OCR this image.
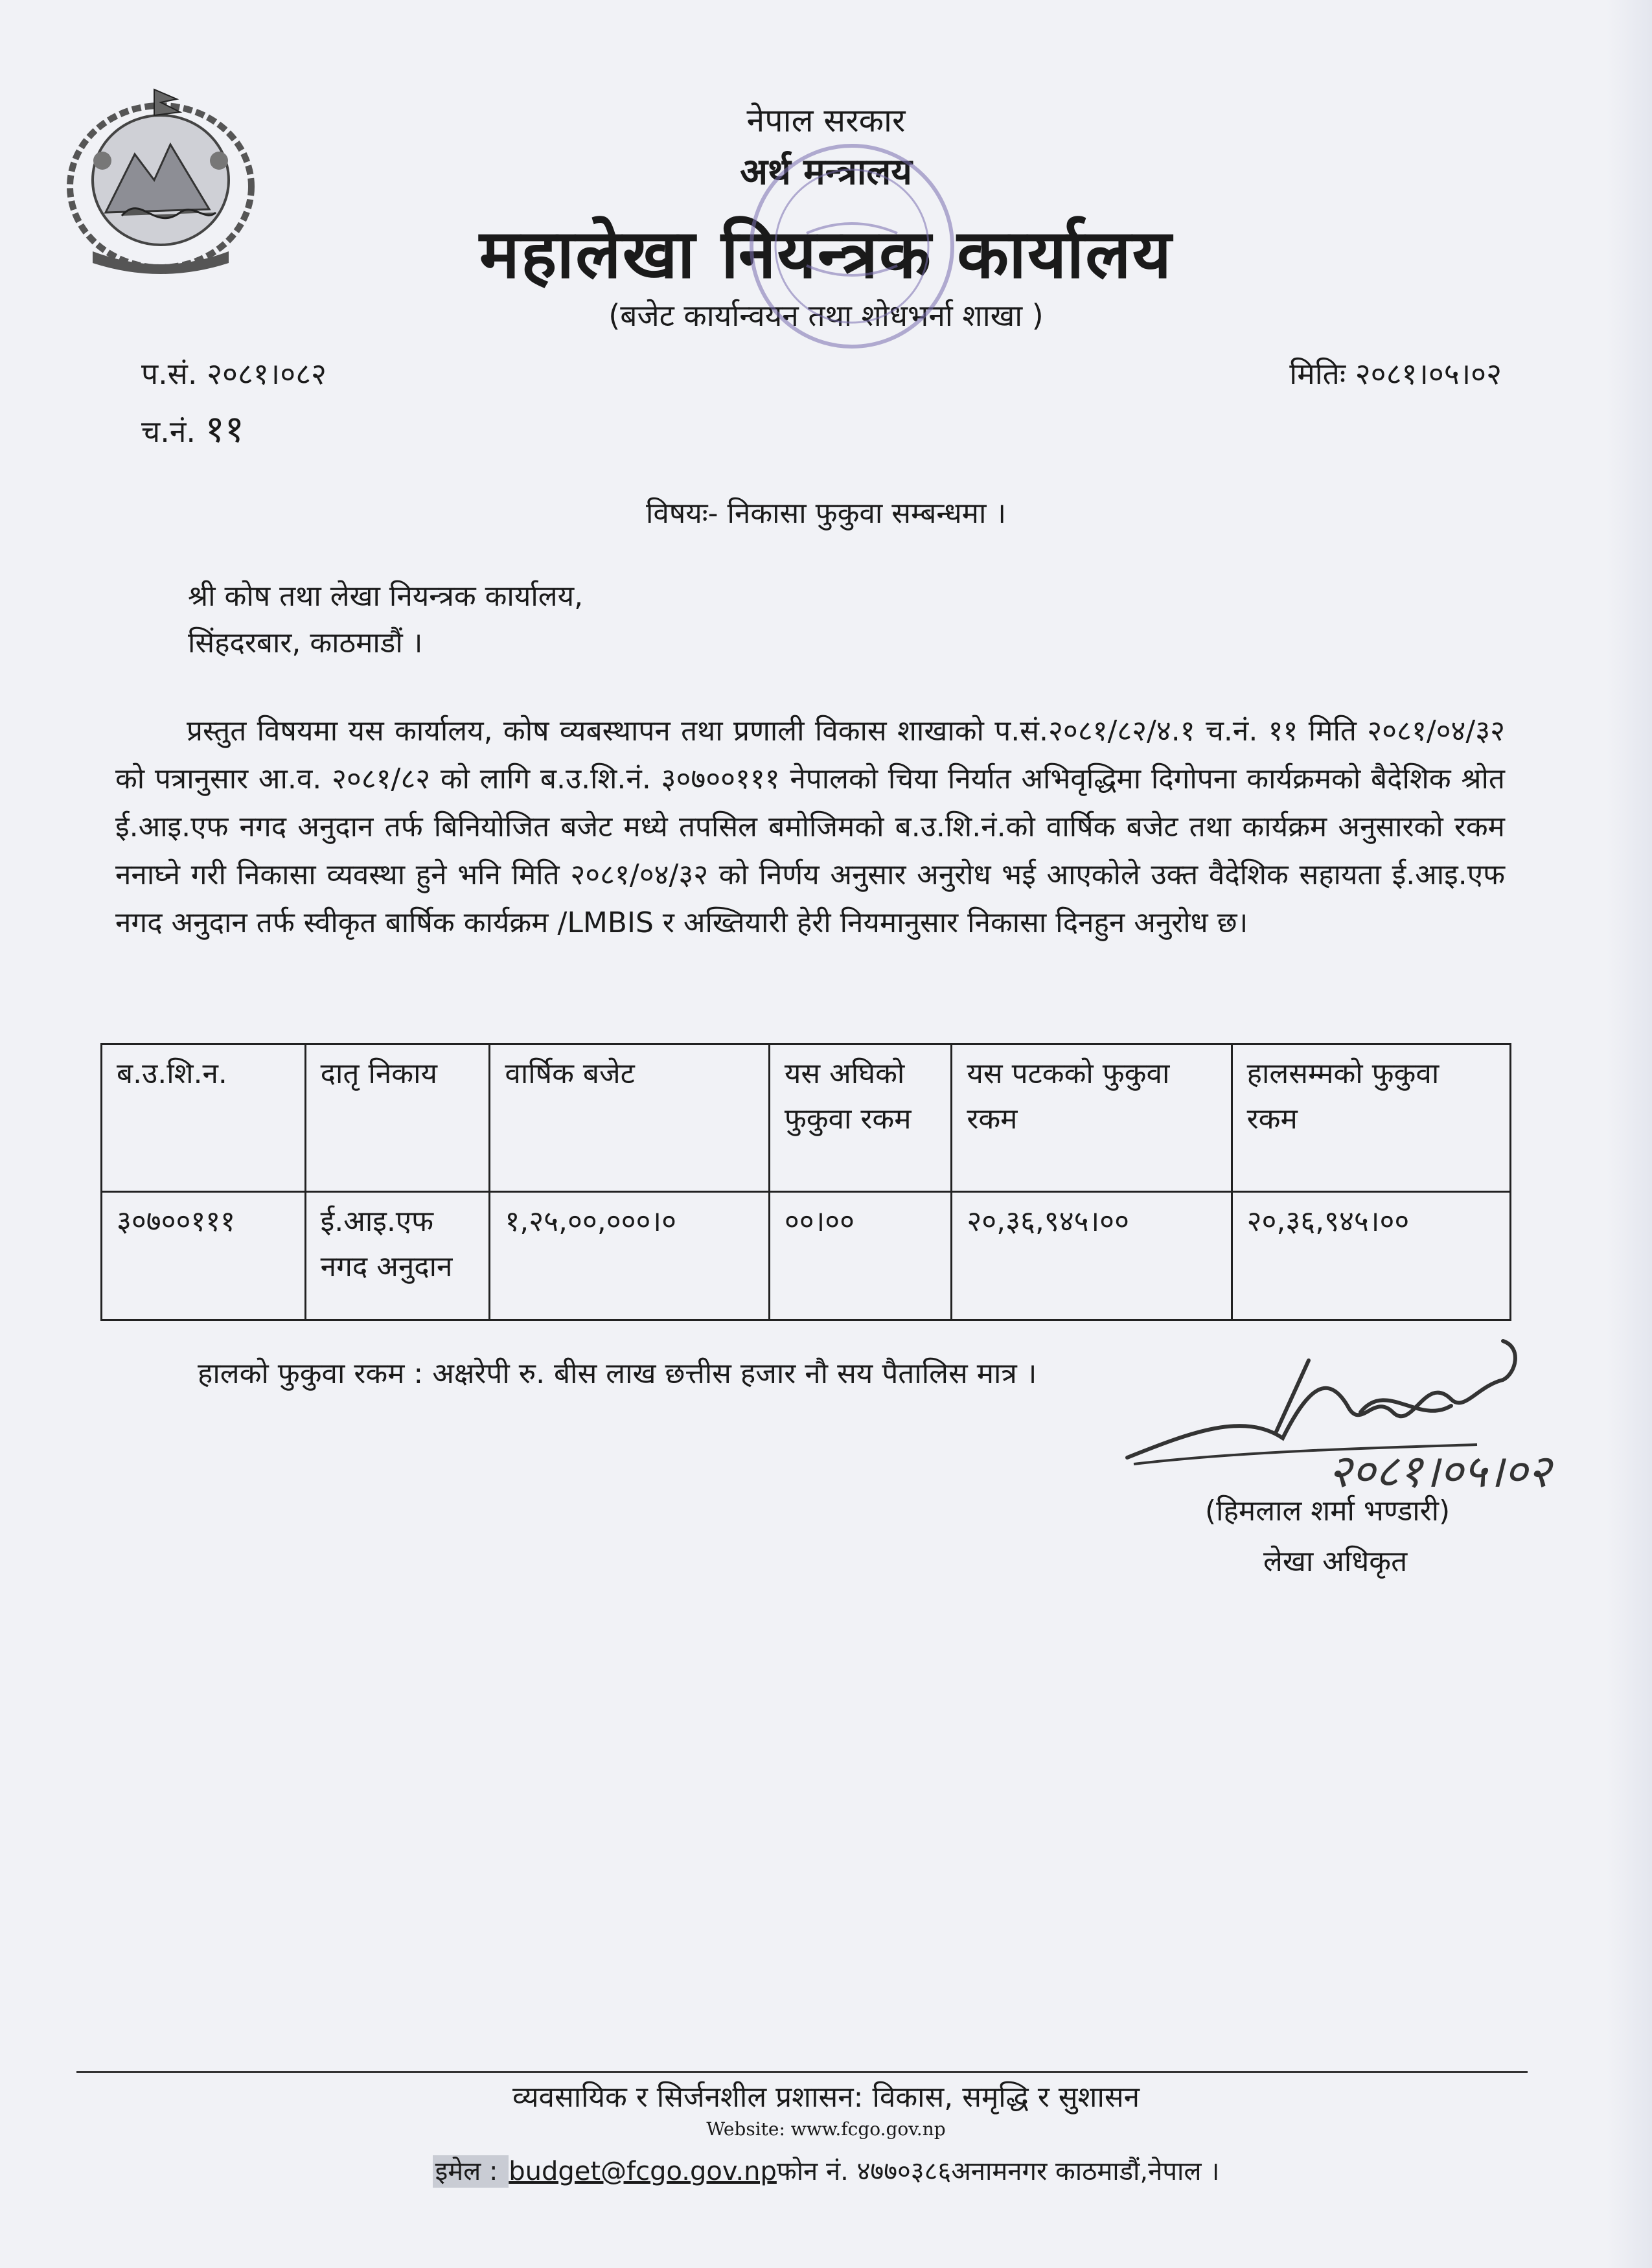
नेपाल सरकार
अर्थ मन्त्रालय
महालेखा नियन्त्रक कार्यालय
(बजेट कार्यान्वयन तथा शोधभर्ना शाखा )
प.सं. २०८१।०८२
च.नं. ११
मितिः २०८१।०५।०२
विषयः- निकासा फुकुवा सम्बन्धमा ।
श्री कोष तथा लेखा नियन्त्रक कार्यालय,
सिंहदरबार, काठमाडौं ।
प्रस्तुत विषयमा यस कार्यालय, कोष व्यबस्थापन तथा प्रणाली विकास शाखाको प.सं.२०८१/८२/४.१ च.नं. ११ मिति २०८१/०४/३२ को पत्रानुसार आ.व. २०८१/८२ को लागि ब.उ.शि.नं. ३०७००१११ नेपालको चिया निर्यात अभिवृद्धिमा दिगोपना कार्यक्रमको बैदेशिक श्रोत ई.आइ.एफ नगद अनुदान तर्फ बिनियोजित बजेट मध्ये तपसिल बमोजिमको ब.उ.शि.नं.को वार्षिक बजेट तथा कार्यक्रम अनुसारको रकम ननाघ्ने गरी निकासा व्यवस्था हुने भनि मिति २०८१/०४/३२ को निर्णय अनुसार अनुरोध भई आएकोले उक्त वैदेशिक सहायता ई.आइ.एफ नगद अनुदान तर्फ स्वीकृत बार्षिक कार्यक्रम /LMBIS र अख्तियारी हेरी नियमानुसार निकासा दिनहुन अनुरोध छ।
ब.उ.शि.न.	दातृ निकाय	वार्षिक बजेट	यस अघिको फुकुवा रकम	यस पटकको फुकुवा रकम	हालसम्मको फुकुवा रकम
३०७००१११	ई.आइ.एफ नगद अनुदान	१,२५,००,०००।०	००।००	२०,३६,९४५।००	२०,३६,९४५।००
हालको फुकुवा रकम : अक्षरेपी रु. बीस लाख छत्तीस हजार नौ सय पैतालिस मात्र ।
२०८१।०५।०२
(हिमलाल शर्मा भण्डारी)
लेखा अधिकृत
व्यवसायिक र सिर्जनशील प्रशासन: विकास, समृद्धि र सुशासन
Website: www.fcgo.gov.np
इमेल : budget@fcgo.gov.npफोन नं. ४७७०३८६अनामनगर काठमाडौं,नेपाल ।
